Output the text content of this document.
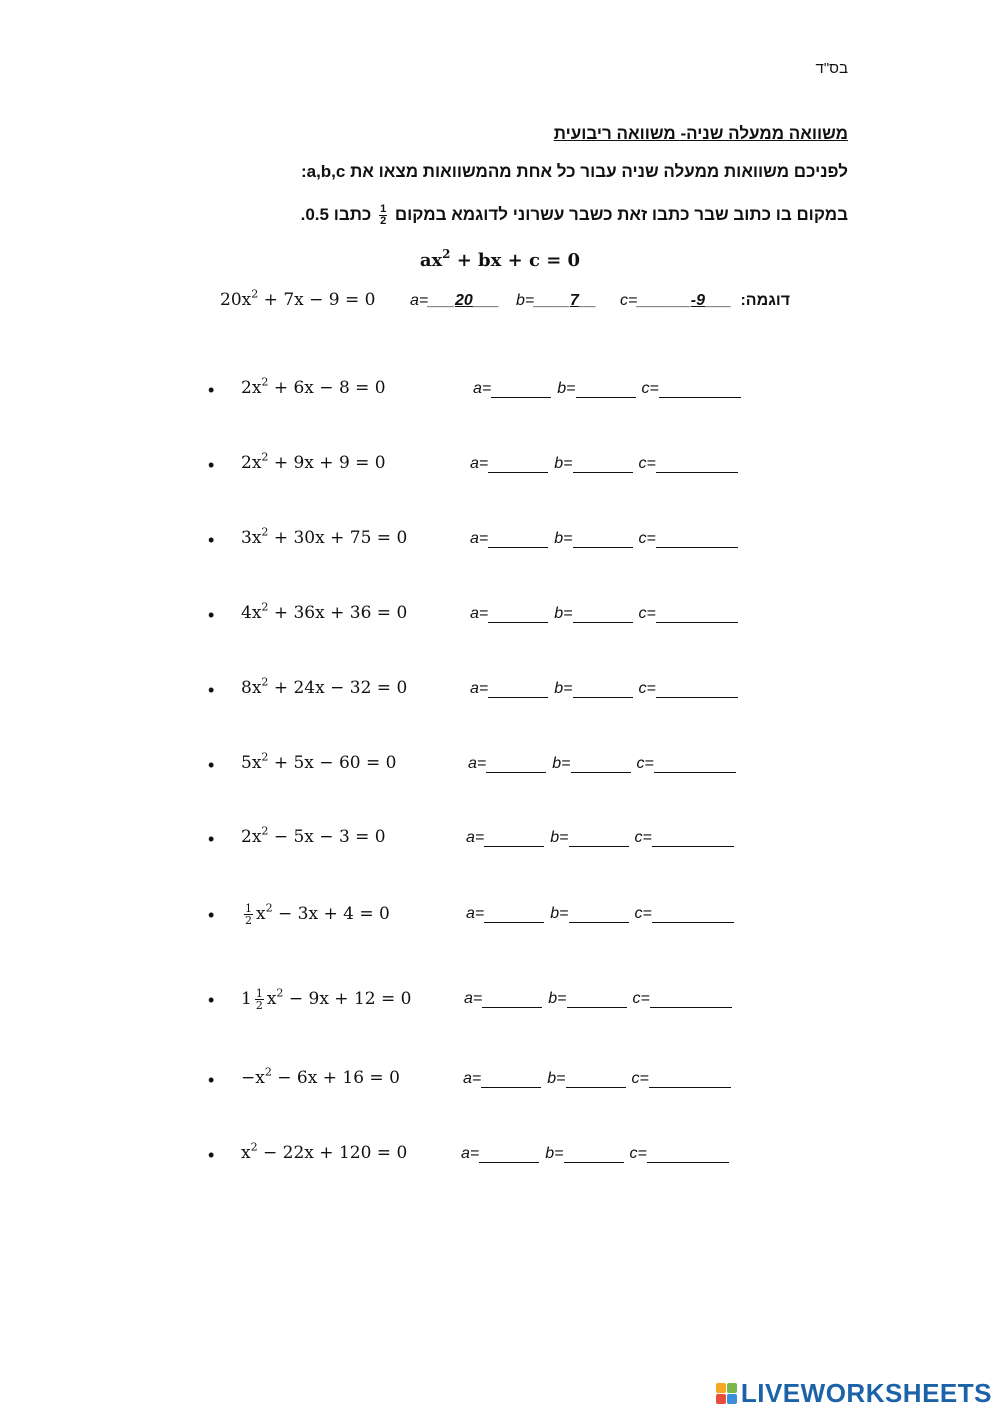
בס"ד
משוואה ממעלה שניה- משוואה ריבועית
לפניכם משוואות ממעלה שניה עבור כל אחת מהמשוואות מצאו את a,b,c:
במקום בו כתוב שבר כתבו זאת כשבר עשרוני לדוגמא במקום
$\frac{1}{2}$
כתבו 0.5.
$ax^2$ + bx + c = 0
$20x^2 + 7x - 9 = 0$ a=___20___ b=____7__ c=______-9___ דוגמה:
• $2x^2 + 6x - 8 = 0$	a=	b=	c=
• $2x^2 + 9x + 9 = 0$	a=	b=	c=
• $3x^2 + 30x + 75 = 0$	a=	b=	c=
• $4x^2 + 36x + 36 = 0$	a=	b=	c=
• $8x^2 + 24x - 32 = 0$	a=	b=	c=
• $5x^2 + 5x - 60 = 0$	a=	b=	c=
• $2x^2 - 5x - 3 = 0$	a=	b=	c=
•	$\frac{1}{2} x^2 - 3x + 4 = 0$	a=	b=	c=
• $1 \frac{1}{2} x^2 - 9x + 12 = 0$	a=	b=	c=
• $-x^2 - 6x + 16 = 0$	a=	b=	c=
• $x^2 - 22x + 120 = 0$	a=	b=	c=
LIVEWORKSHEETS
